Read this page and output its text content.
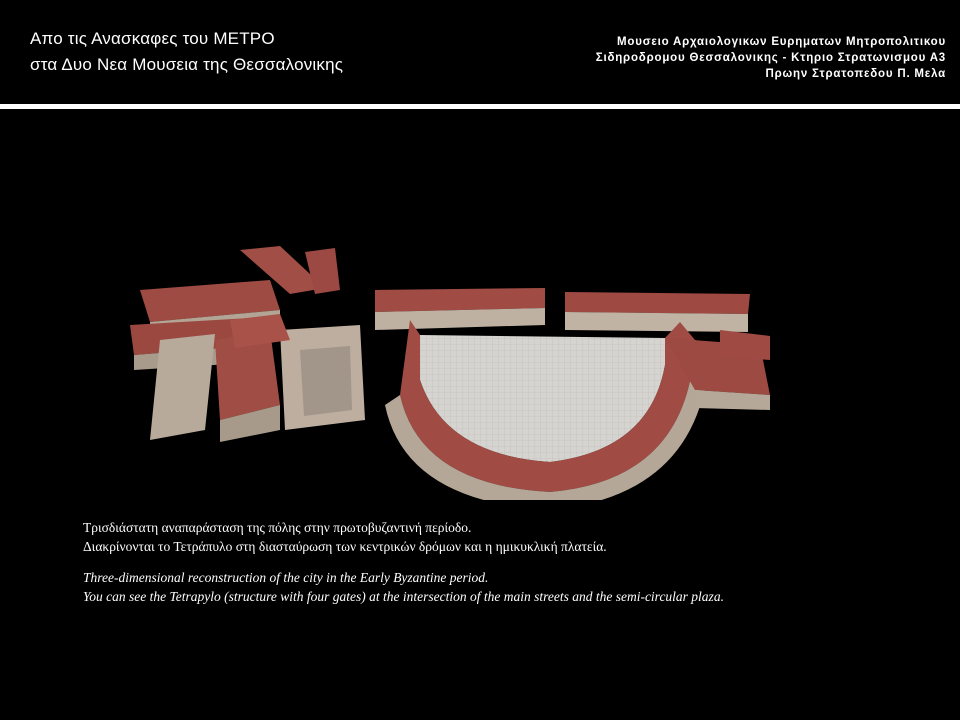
Απο τις Ανασκαφες του ΜΕΤΡΟ
στα Δυο Νεα Μουσεια της Θεσσαλονικης
Μουσειο Αρχαιολογικων Ευρηματων Μητροπολιτικου
Σιδηροδρομου Θεσσαλονικης - Κτηριο Στρατωνισμου Α3
Πρωην Στρατοπεδου Π. Μελα
Τρισδιάστατη αναπαράσταση της πόλης στην πρωτοβυζαντινή περίοδο.
Διακρίνονται το Τετράπυλο στη διασταύρωση των κεντρικών δρόμων και η ημικυκλική πλατεία.
Three-dimensional reconstruction of the city in the Early Byzantine period.
You can see the Tetrapylo (structure with four gates) at the intersection of the main streets and the semi-circular plaza.
